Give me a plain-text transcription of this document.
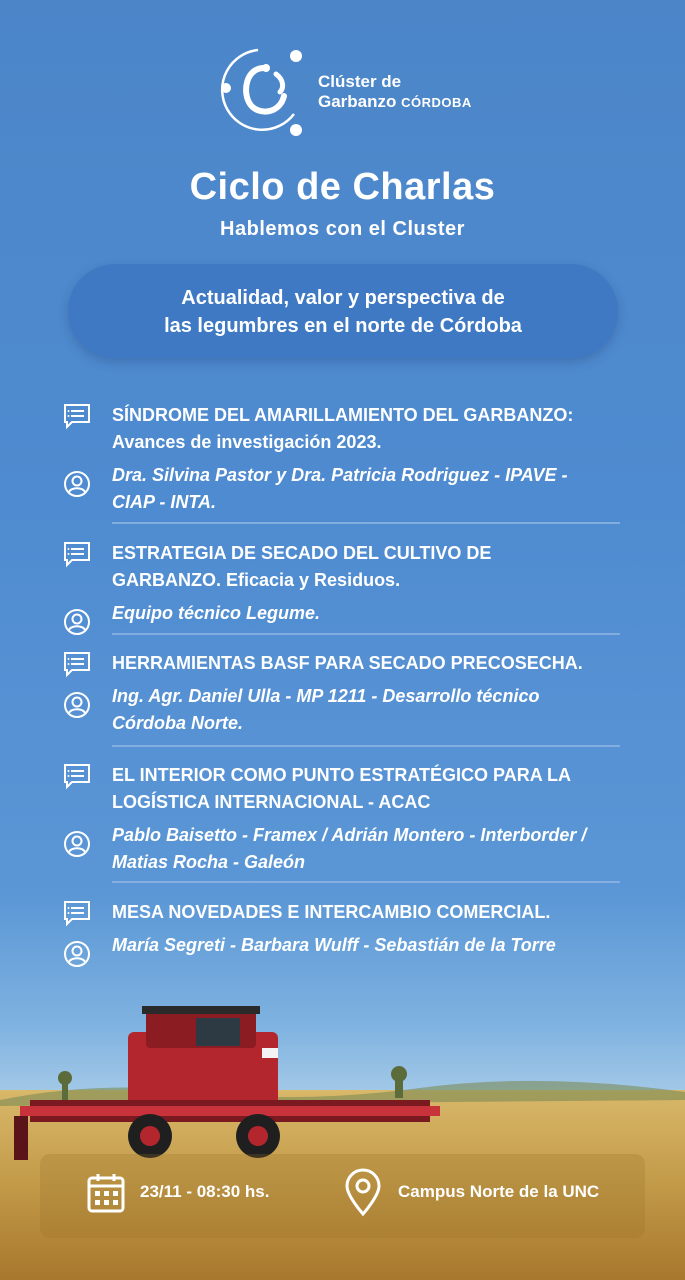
Clúster de
Garbanzo CÓRDOBA
Ciclo de Charlas
Hablemos con el Cluster
Actualidad, valor y perspectiva de
las legumbres en el norte de Córdoba
SÍNDROME DEL AMARILLAMIENTO DEL GARBANZO:
Avances de investigación 2023.
Dra. Silvina Pastor y Dra. Patricia Rodriguez - IPAVE -
CIAP - INTA.
ESTRATEGIA DE SECADO DEL CULTIVO DE
GARBANZO. Eficacia y Residuos.
Equipo técnico Legume.
HERRAMIENTAS BASF PARA SECADO PRECOSECHA.
Ing. Agr. Daniel Ulla - MP 1211 - Desarrollo técnico
Córdoba Norte.
EL INTERIOR COMO PUNTO ESTRATÉGICO PARA LA
LOGÍSTICA INTERNACIONAL - ACAC
Pablo Baisetto - Framex / Adrián Montero - Interborder /
Matias Rocha - Galeón
MESA NOVEDADES E INTERCAMBIO COMERCIAL.
María Segreti - Barbara Wulff - Sebastián de la Torre
23/11 - 08:30 hs.	Campus Norte de la UNC
